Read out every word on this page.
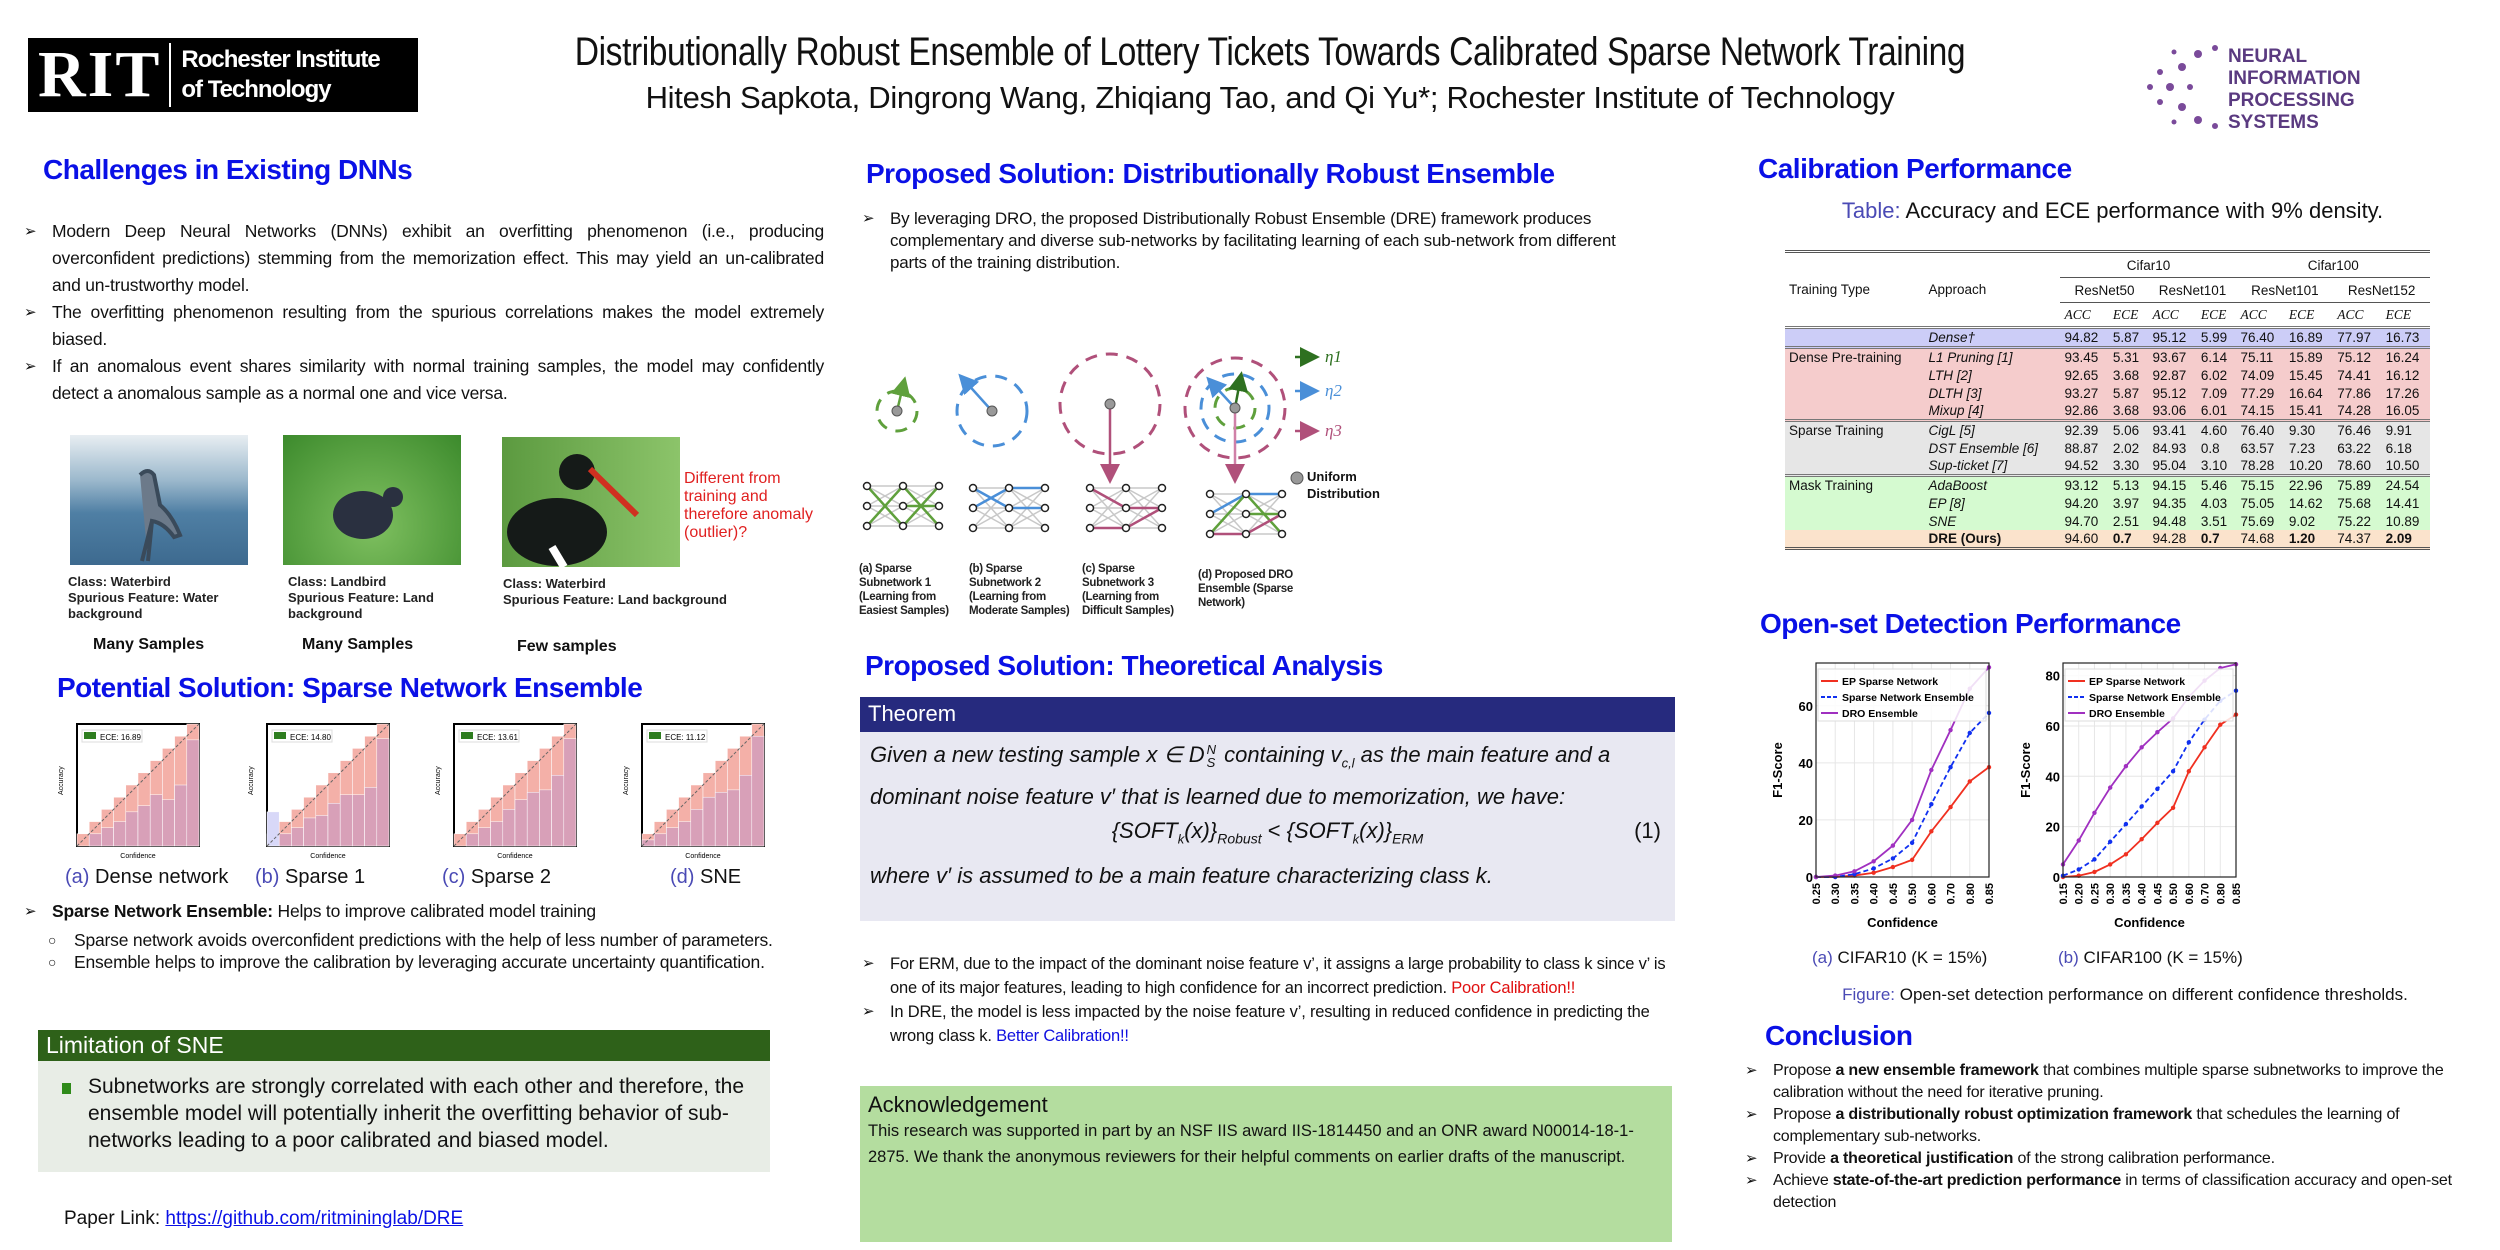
RIT Rochester Institute
of Technology
Distributionally Robust Ensemble of Lottery Tickets Towards Calibrated Sparse Network Training
Hitesh Sapkota, Dingrong Wang, Zhiqiang Tao, and Qi Yu*; Rochester Institute of Technology
NEURAL
INFORMATION
PROCESSING
SYSTEMS
Challenges in Existing DNNs
➢ Modern Deep Neural Networks (DNNs) exhibit an overfitting phenomenon (i.e., producing overconfident predictions) stemming from the memorization effect. This may yield an un-calibrated and un-trustworthy model.
➢ The overfitting phenomenon resulting from the spurious correlations makes the model extremely biased.
➢ If an anomalous event shares similarity with normal training samples, the model may confidently detect a anomalous sample as a normal one and vice versa.
Different from training and therefore anomaly (outlier)?
Class: Waterbird
Spurious Feature: Water background
Class: Landbird
Spurious Feature: Land background
Class: Waterbird
Spurious Feature: Land background
Many Samples	Many Samples	Few samples
Potential Solution: Sparse Network Ensemble
ECE: 16.89
Accuracy
Confidence
(a) Dense network
ECE: 14.80
Accuracy
Confidence
(b) Sparse 1
ECE: 13.61
Accuracy
Confidence
(c) Sparse 2
ECE: 11.12
Accuracy
Confidence
(d) SNE
➢ Sparse Network Ensemble: Helps to improve calibrated model training
○ Sparse network avoids overconfident predictions with the help of less number of parameters.
○ Ensemble helps to improve the calibration by leveraging accurate uncertainty quantification.
Limitation of SNE
Subnetworks are strongly correlated with each other and therefore, the ensemble model will potentially inherit the overfitting behavior of sub-networks leading to a poor calibrated and biased model.
Paper Link: https://github.com/ritmininglab/DRE
Proposed Solution: Distributionally Robust Ensemble
➢ By leveraging DRO, the proposed Distributionally Robust Ensemble (DRE) framework produces complementary and diverse sub-networks by facilitating learning of each sub-network from different parts of the training distribution.
η1
η2
η3
Uniform Distribution
(a) Sparse Subnetwork 1 (Learning from Easiest Samples)
(b) Sparse Subnetwork 2 (Learning from Moderate Samples)
(c) Sparse Subnetwork 3 (Learning from Difficult Samples)
(d) Proposed DRO Ensemble (Sparse Network)
Proposed Solution: Theoretical Analysis
Theorem
Given a new testing sample x ∈ D N
S containing $v_{c,l}$ as the main feature and a dominant noise feature v′ that is learned due to memorization, we have:
$\{SOFT_k(x)\}_{Robust}$ < $\{SOFT_k(x)\}_{ERM}$	(1)
where v′ is assumed to be a main feature characterizing class k.
➢ For ERM, due to the impact of the dominant noise feature v’, it assigns a large probability to class k since v’ is one of its major features, leading to high confidence for an incorrect prediction. Poor Calibration!!
➢ In DRE, the model is less impacted by the noise feature v’, resulting in reduced confidence in predicting the wrong class k. Better Calibration!!
Acknowledgement
This research was supported in part by an NSF IIS award IIS-1814450 and an ONR award N00014-18-1-2875. We thank the anonymous reviewers for their helpful comments on earlier drafts of the manuscript.
Calibration Performance
Table: Accuracy and ECE performance with 9% density.
Training Type	Approach	Cifar10				Cifar100			
		ResNet50		ResNet101		ResNet101		ResNet152	
		ACC	ECE	ACC	ECE	ACC	ECE	ACC	ECE
	Dense†	94.82	5.87	95.12	5.99	76.40	16.89	77.97	16.73
Dense Pre-training	L1 Pruning [1]	93.45	5.31	93.67	6.14	75.11	15.89	75.12	16.24
	LTH [2]	92.65	3.68	92.87	6.02	74.09	15.45	74.41	16.12
	DLTH [3]	93.27	5.87	95.12	7.09	77.29	16.64	77.86	17.26
	Mixup [4]	92.86	3.68	93.06	6.01	74.15	15.41	74.28	16.05
Sparse Training	CigL [5]	92.39	5.06	93.41	4.60	76.40	9.30	76.46	9.91
	DST Ensemble [6]	88.87	2.02	84.93	0.8	63.57	7.23	63.22	6.18
	Sup-ticket [7]	94.52	3.30	95.04	3.10	78.28	10.20	78.60	10.50
Mask Training	AdaBoost	93.12	5.13	94.15	5.46	75.15	22.96	75.89	24.54
	EP [8]	94.20	3.97	94.35	4.03	75.05	14.62	75.68	14.41
	SNE	94.70	2.51	94.48	3.51	75.69	9.02	75.22	10.89
	DRE (Ours)	94.60	0.7	94.28	0.7	74.68	1.20	74.37	2.09
Open-set Detection Performance
0.25 0.30 0.35 0.40 0.45 0.50 0.60 0.70 0.80 0.85
0
20
40
60
EP Sparse Network
Sparse Network Ensemble
DRO Ensemble
Confidence
F1-Score
0.15 0.20 0.25 0.30 0.35 0.40 0.45 0.50 0.60 0.70 0.80 0.85
0
20
40
60
80	EP Sparse Network
Sparse Network Ensemble
DRO Ensemble
Confidence
F1-Score
(a) CIFAR10 (K = 15%)	(b) CIFAR100 (K = 15%)
Figure: Open-set detection performance on different confidence thresholds.
Conclusion
➢ Propose a new ensemble framework that combines multiple sparse subnetworks to improve the calibration without the need for iterative pruning.
➢ Propose a distributionally robust optimization framework that schedules the learning of complementary sub-networks.
➢ Provide a theoretical justification of the strong calibration performance.
➢ Achieve state-of-the-art prediction performance in terms of classification accuracy and open-set detection
